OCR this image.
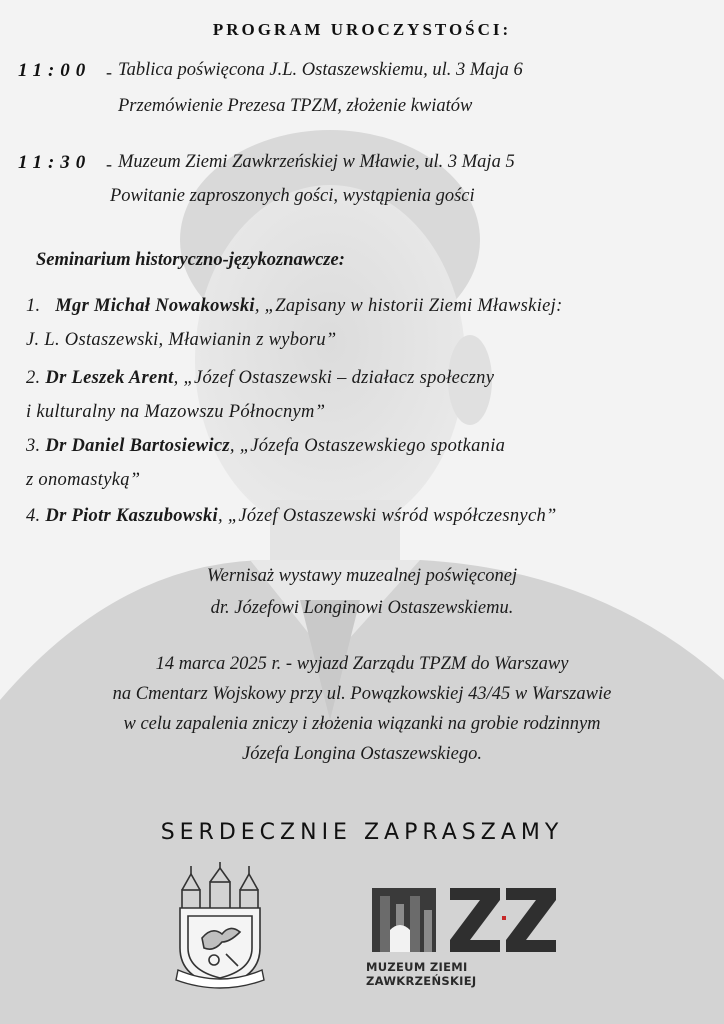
PROGRAM UROCZYSTOŚCI:
11:00 - Tablica poświęcona J.L. Ostaszewskiemu, ul. 3 Maja 6
Przemówienie Prezesa TPZM, złożenie kwiatów
11:30 - Muzeum Ziemi Zawkrzeńskiej w Mławie, ul. 3 Maja 5
Powitanie zaproszonych gości, wystąpienia gości
Seminarium historyczno-językoznawcze:
1. Mgr Michał Nowakowski, „Zapisany w historii Ziemi Mławskiej:
J. L. Ostaszewski, Mławianin z wyboru”
2. Dr Leszek Arent, „Józef Ostaszewski – działacz społeczny
i kulturalny na Mazowszu Północnym”
3. Dr Daniel Bartosiewicz, „Józefa Ostaszewskiego spotkania
z onomastyką”
4. Dr Piotr Kaszubowski, „Józef Ostaszewski wśród współczesnych”
Wernisaż wystawy muzealnej poświęconej
dr. Józefowi Longinowi Ostaszewskiemu.
14 marca 2025 r. - wyjazd Zarządu TPZM do Warszawy
na Cmentarz Wojskowy przy ul. Powązkowskiej 43/45 w Warszawie
w celu zapalenia zniczy i złożenia wiązanki na grobie rodzinnym
Józefa Longina Ostaszewskiego.
SERDECZNIE ZAPRASZAMY
MUZEUM ZIEMI ZAWKRZEŃSKIEJ
